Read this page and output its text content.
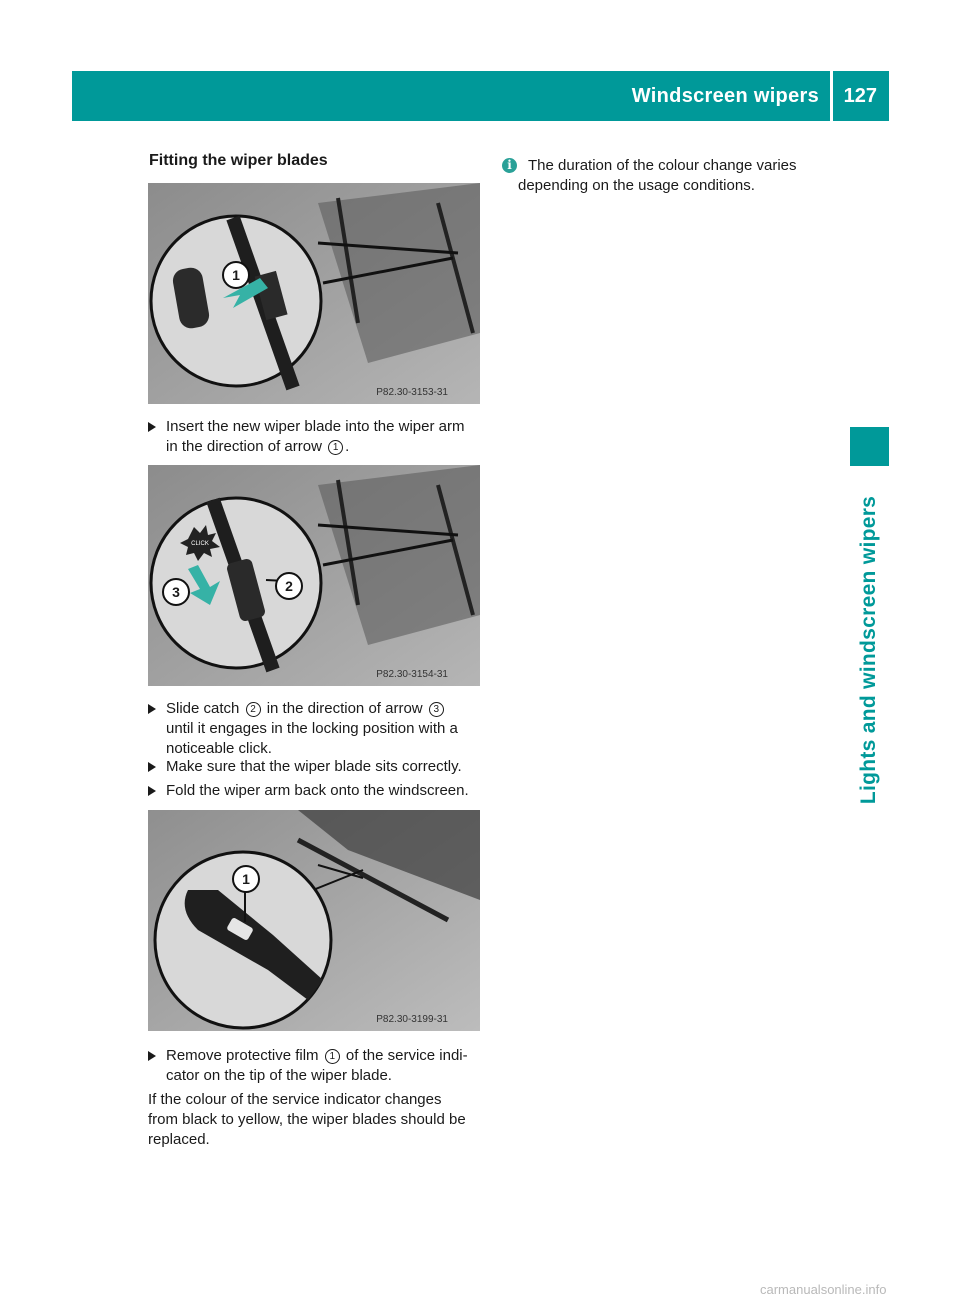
Windscreen wipers 127
Lights and windscreen wipers
Fitting the wiper blades
P82.30-3153-31
1
Insert the new wiper blade into the wiper arm
in the direction of arrow 1 .
CLICK
P82.30-3154-31
2
3
Slide catch 2 in the direction of arrow 3
until it engages in the locking position with a
noticeable click.
Make sure that the wiper blade sits correctly.
Fold the wiper arm back onto the windscreen.
P82.30-3199-31
1
Remove protective film 1 of the service indi-
cator on the tip of the wiper blade.
If the colour of the service indicator changes
from black to yellow, the wiper blades should be
replaced.
i	The duration of the colour change varies
depending on the usage conditions.
carmanualsonline.info
